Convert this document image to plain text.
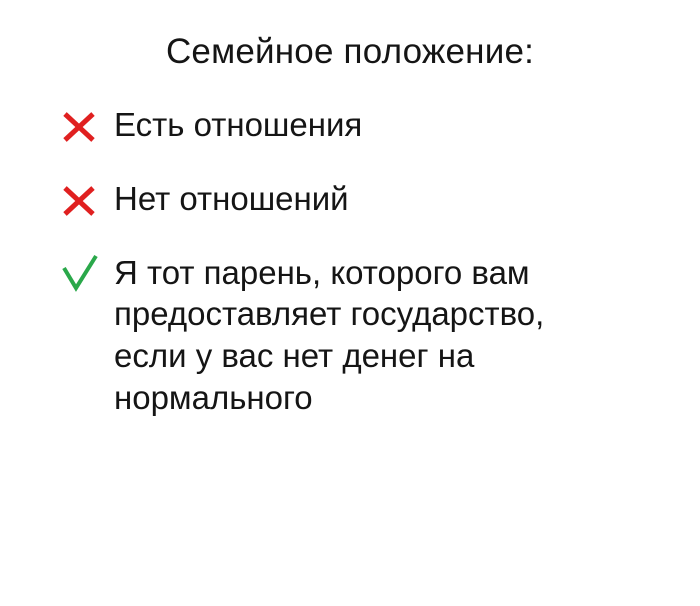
Семейное положение:
Есть отношения
Нет отношений
Я тот парень, которого вам предоставляет государство, если у вас нет денег на нормального
